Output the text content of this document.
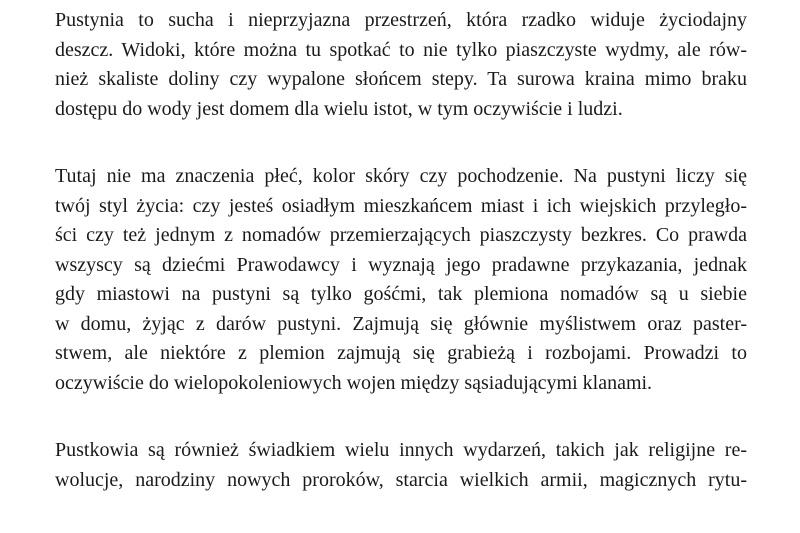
Pustynia to sucha i nieprzyjazna przestrzeń, która rzadko widuje życiodajny
deszcz. Widoki, które można tu spotkać to nie tylko piaszczyste wydmy, ale rów-
nież skaliste doliny czy wypalone słońcem stepy. Ta surowa kraina mimo braku
dostępu do wody jest domem dla wielu istot, w tym oczywiście i ludzi.
Tutaj nie ma znaczenia płeć, kolor skóry czy pochodzenie. Na pustyni liczy się
twój styl życia: czy jesteś osiadłym mieszkańcem miast i ich wiejskich przyległo-
ści czy też jednym z nomadów przemierzających piaszczysty bezkres. Co prawda
wszyscy są dziećmi Prawodawcy i wyznają jego pradawne przykazania, jednak
gdy miastowi na pustyni są tylko gośćmi, tak plemiona nomadów są u siebie
w domu, żyjąc z darów pustyni. Zajmują się głównie myślistwem oraz paster-
stwem, ale niektóre z plemion zajmują się grabieżą i rozbojami. Prowadzi to
oczywiście do wielopokoleniowych wojen między sąsiadującymi klanami.
Pustkowia są również świadkiem wielu innych wydarzeń, takich jak religijne re-
wolucje, narodziny nowych proroków, starcia wielkich armii, magicznych rytu-
